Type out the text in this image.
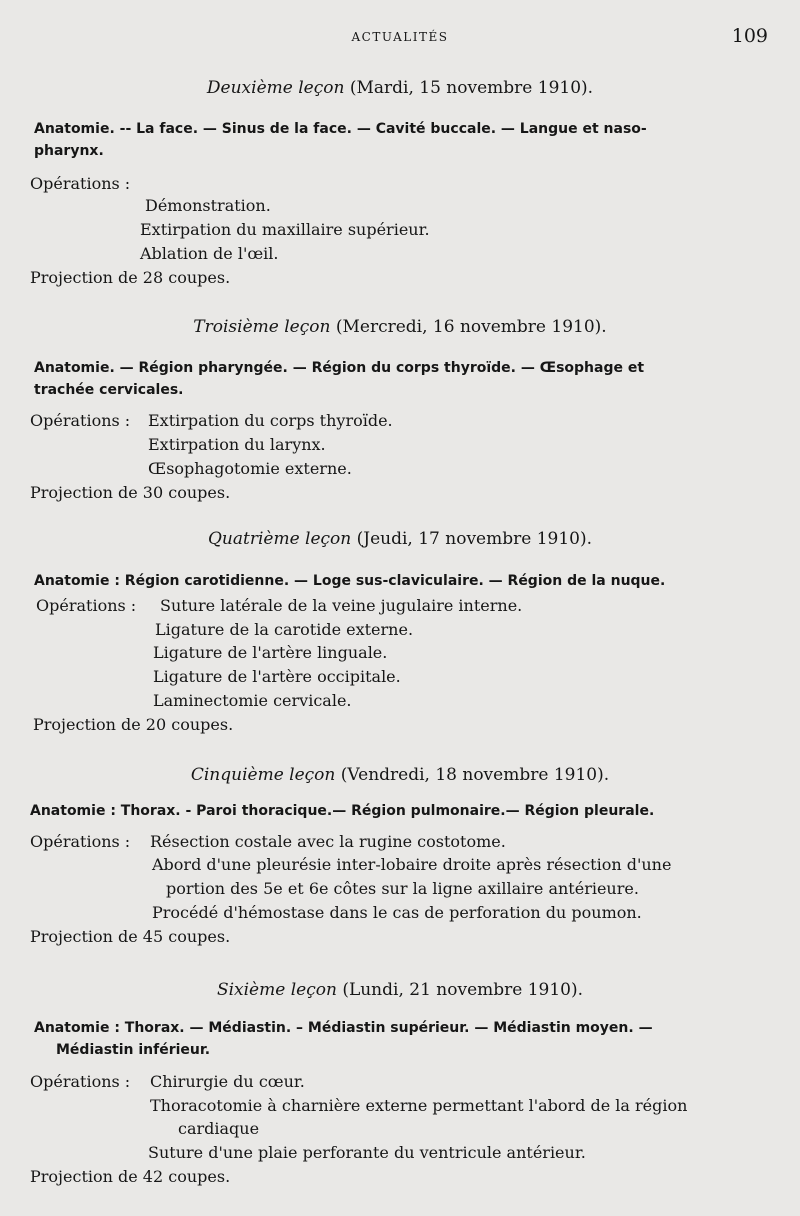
ACTUALITÉS	109
Deuxième leçon (Mardi, 15 novembre 1910).
Anatomie. -- La face. — Sinus de la face. — Cavité buccale. — Langue et naso-
pharynx.
Opérations :
Démonstration.
Extirpation du maxillaire supérieur.
Ablation de l'œil.
Projection de 28 coupes.
Troisième leçon (Mercredi, 16 novembre 1910).
Anatomie. — Région pharyngée. — Région du corps thyroïde. — Œsophage et
trachée cervicales.
Opérations : Extirpation du corps thyroïde.
Extirpation du larynx.
Œsophagotomie externe.
Projection de 30 coupes.
Quatrième leçon (Jeudi, 17 novembre 1910).
Anatomie : Région carotidienne. — Loge sus-claviculaire. — Région de la nuque.
Opérations : Suture latérale de la veine jugulaire interne.
Ligature de la carotide externe.
Ligature de l'artère linguale.
Ligature de l'artère occipitale.
Laminectomie cervicale.
Projection de 20 coupes.
Cinquième leçon (Vendredi, 18 novembre 1910).
Anatomie : Thorax. - Paroi thoracique.— Région pulmonaire.— Région pleurale.
Opérations : Résection costale avec la rugine costotome.
Abord d'une pleurésie inter-lobaire droite après résection d'une
portion des 5e et 6e côtes sur la ligne axillaire antérieure.
Procédé d'hémostase dans le cas de perforation du poumon.
Projection de 45 coupes.
Sixième leçon (Lundi, 21 novembre 1910).
Anatomie : Thorax. — Médiastin. – Médiastin supérieur. — Médiastin moyen. —
Médiastin inférieur.
Opérations : Chirurgie du cœur.
Thoracotomie à charnière externe permettant l'abord de la région
cardiaque
Suture d'une plaie perforante du ventricule antérieur.
Projection de 42 coupes.
